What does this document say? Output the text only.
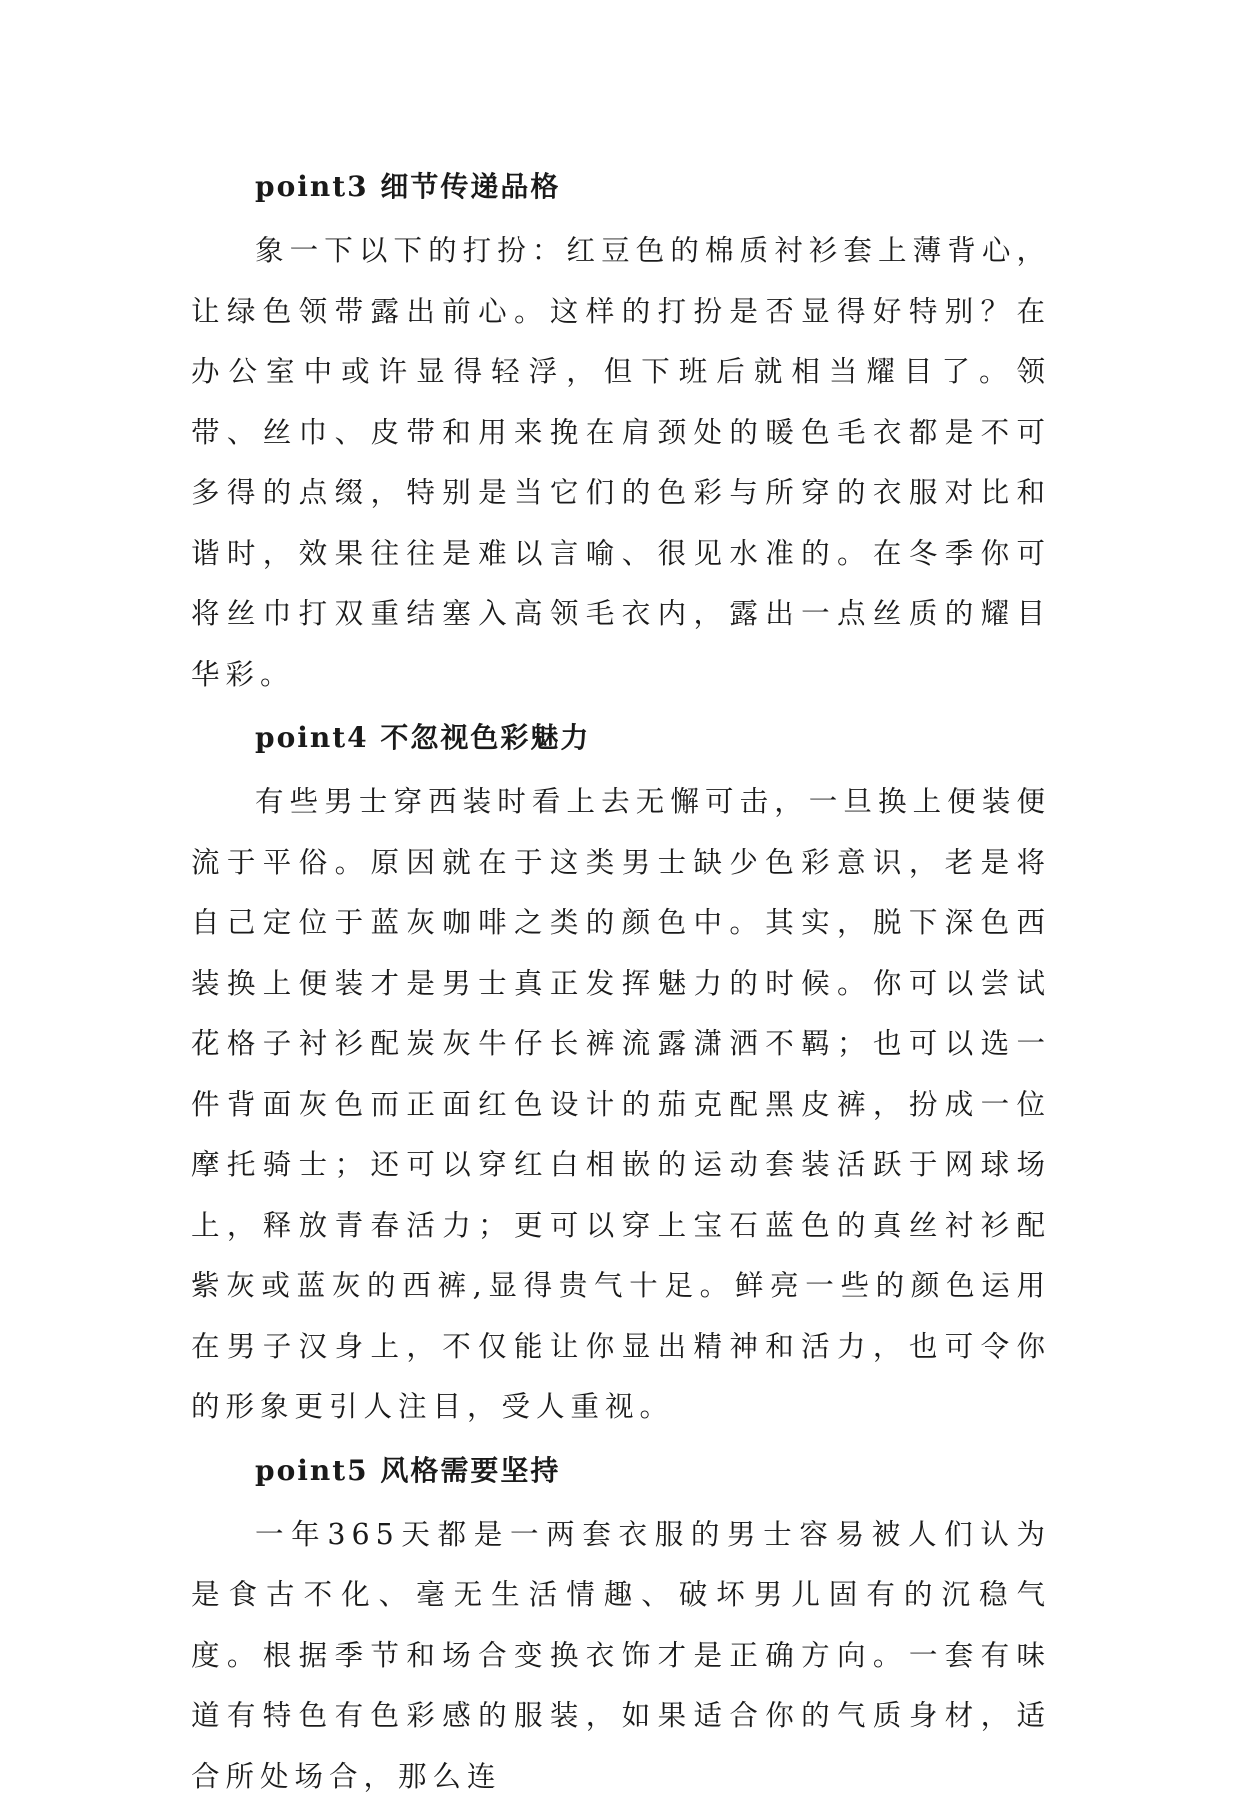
point3 细节传递品格

象一下以下的打扮：红豆色的棉质衬衫套上薄背心，让绿色领带露出前心。这样的打扮是否显得好特别？在办公室中或许显得轻浮，但下班后就相当耀目了。领带、丝巾、皮带和用来挽在肩颈处的暖色毛衣都是不可多得的点缀，特别是当它们的色彩与所穿的衣服对比和谐时，效果往往是难以言喻、很见水准的。在冬季你可将丝巾打双重结塞入高领毛衣内，露出一点丝质的耀目华彩。

point4 不忽视色彩魅力

有些男士穿西装时看上去无懈可击，一旦换上便装便流于平俗。原因就在于这类男士缺少色彩意识，老是将自己定位于蓝灰咖啡之类的颜色中。其实，脱下深色西装换上便装才是男士真正发挥魅力的时候。你可以尝试花格子衬衫配炭灰牛仔长裤流露潇洒不羁；也可以选一件背面灰色而正面红色设计的茄克配黑皮裤，扮成一位摩托骑士；还可以穿红白相嵌的运动套装活跃于网球场上，释放青春活力；更可以穿上宝石蓝色的真丝衬衫配紫灰或蓝灰的西裤,显得贵气十足。鲜亮一些的颜色运用在男子汉身上，不仅能让你显出精神和活力，也可令你的形象更引人注目，受人重视。

point5 风格需要坚持

一年365天都是一两套衣服的男士容易被人们认为是食古不化、毫无生活情趣、破坏男儿固有的沉稳气度。根据季节和场合变换衣饰才是正确方向。一套有味道有特色有色彩感的服装，如果适合你的气质身材，适合所处场合，那么连
